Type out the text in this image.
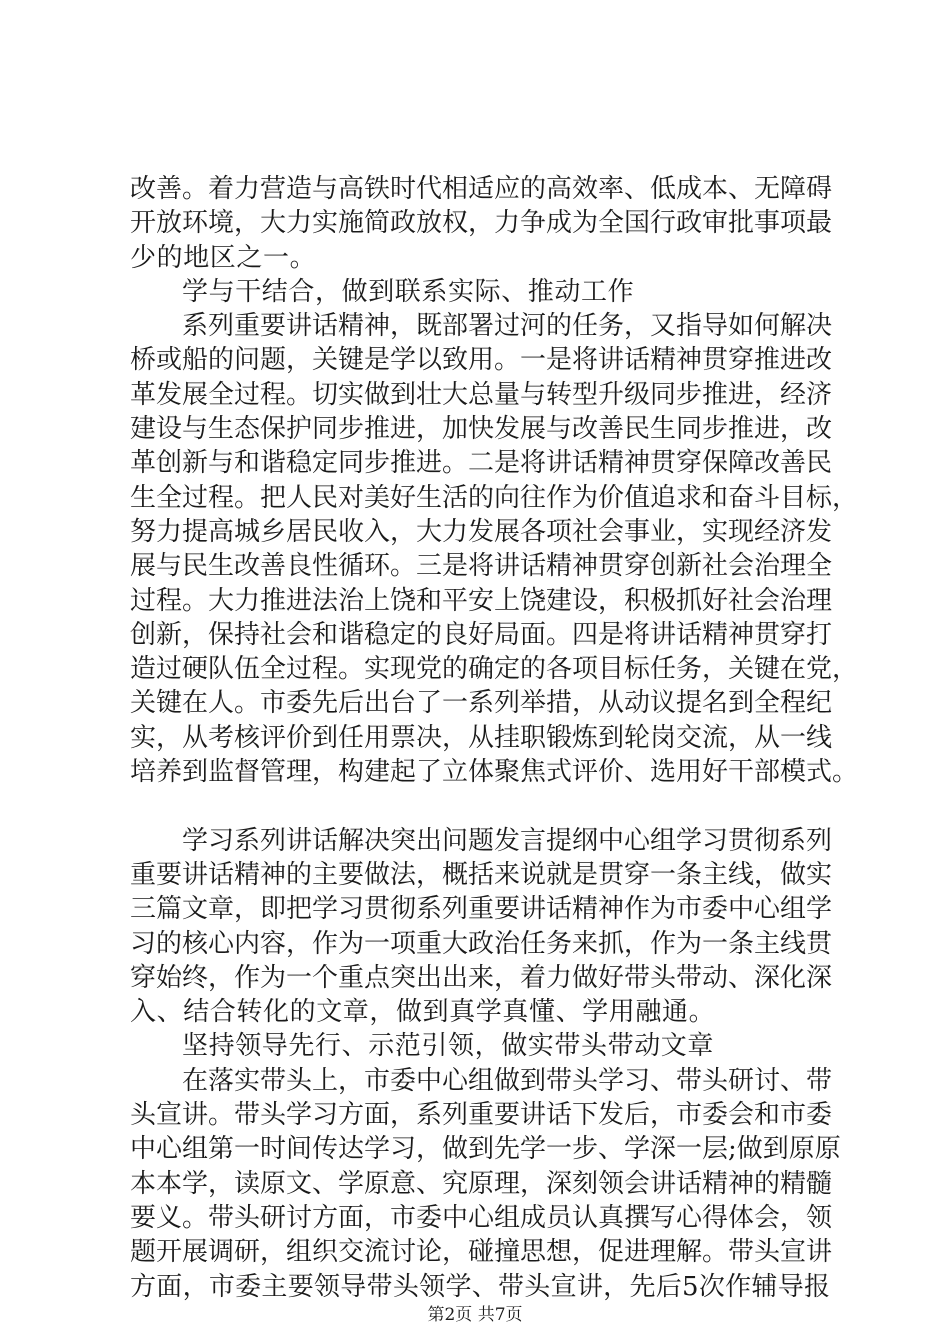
改善。着力营造与高铁时代相适应的高效率、低成本、无障碍
开放环境，大力实施简政放权，力争成为全国行政审批事项最
少的地区之一。
学与干结合，做到联系实际、推动工作
系列重要讲话精神，既部署过河的任务，又指导如何解决
桥或船的问题，关键是学以致用。一是将讲话精神贯穿推进改
革发展全过程。切实做到壮大总量与转型升级同步推进，经济
建设与生态保护同步推进，加快发展与改善民生同步推进，改
革创新与和谐稳定同步推进。二是将讲话精神贯穿保障改善民
生全过程。把人民对美好生活的向往作为价值追求和奋斗目标，
努力提高城乡居民收入，大力发展各项社会事业，实现经济发
展与民生改善良性循环。三是将讲话精神贯穿创新社会治理全
过程。大力推进法治上饶和平安上饶建设，积极抓好社会治理
创新，保持社会和谐稳定的良好局面。四是将讲话精神贯穿打
造过硬队伍全过程。实现党的确定的各项目标任务，关键在党，
关键在人。市委先后出台了一系列举措，从动议提名到全程纪
实，从考核评价到任用票决，从挂职锻炼到轮岗交流，从一线
培养到监督管理，构建起了立体聚焦式评价、选用好干部模式。

学习系列讲话解决突出问题发言提纲中心组学习贯彻系列
重要讲话精神的主要做法，概括来说就是贯穿一条主线，做实
三篇文章，即把学习贯彻系列重要讲话精神作为市委中心组学
习的核心内容，作为一项重大政治任务来抓，作为一条主线贯
穿始终，作为一个重点突出出来，着力做好带头带动、深化深
入、结合转化的文章，做到真学真懂、学用融通。
坚持领导先行、示范引领，做实带头带动文章
在落实带头上，市委中心组做到带头学习、带头研讨、带
头宣讲。带头学习方面，系列重要讲话下发后，市委会和市委
中心组第一时间传达学习，做到先学一步、学深一层;做到原原
本本学，读原文、学原意、究原理，深刻领会讲话精神的精髓
要义。带头研讨方面，市委中心组成员认真撰写心得体会，领
题开展调研，组织交流讨论，碰撞思想，促进理解。带头宣讲
方面，市委主要领导带头领学、带头宣讲，先后5次作辅导报
第2页 共7页
